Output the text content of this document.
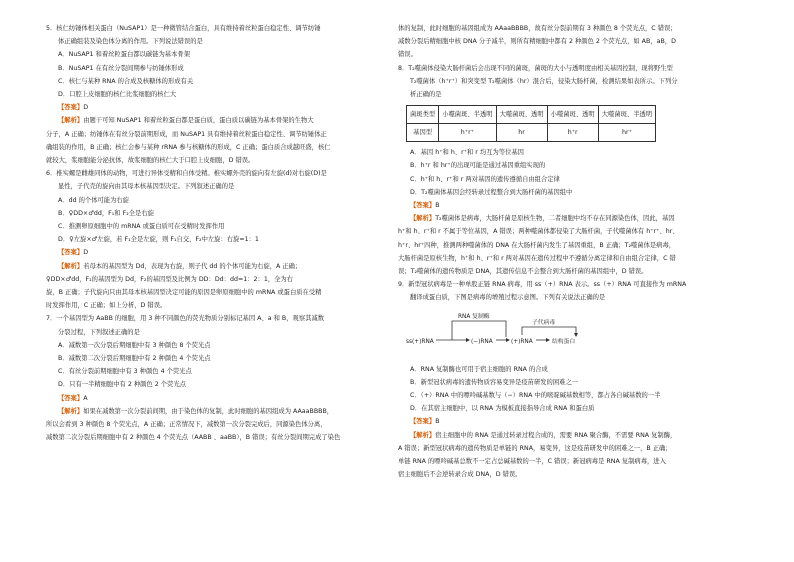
5．核仁纺锤体相关蛋白（NuSAP1）是一种微管结合蛋白，具有维持着丝粒蛋白稳定性、调节纺锤

体正确组装及染色体分离的作用。下列说法错误的是

A．NuSAP1 和着丝粒蛋白都以碳链为基本骨架

B．NuSAP1 在有丝分裂间期参与纺锤体形成

C．核仁与某种 RNA 的合成及核糖体的形成有关

D．口腔上皮细胞的核仁比浆细胞的核仁大

【答案】D

【解析】由题干可知 NuSAP1 和着丝粒蛋白都是蛋白质，蛋白质以碳链为基本骨架的生物大

分子，A 正确；纺锤体在有丝分裂前期形成，而 NuSAP1 具有维持着丝粒蛋白稳定性、调节纺锤体正

确组装的作用，B 正确；核仁会参与某种 rRNA 参与核糖体的形成，C 正确；蛋白质合成越旺盛，核仁

就较大，浆细胞能分泌抗体，故浆细胞的核仁大于口腔上皮细胞，D 错误。

6．椎实螺是雌雄同体的动物，可进行异体受精和自体受精。椎实螺外壳的旋向有左旋(d)对右旋(D)是

显性，子代壳的旋向由其母本核基因型决定。下列叙述正确的是

A．dd 的个体可能为右旋

B．♀DD×♂dd，F₁和 F₂全是右旋

C．推测卵原细胞中的 mRNA 或蛋白质可在受精时发挥作用

D．♀左旋×♂左旋，若 F₁全是左旋，则 F₁自交，F₂中左旋：右旋=1：1

【答案】D

【解析】若母本的基因型为 Dd，表现为右旋，则子代 dd 的个体可能为右旋，A 正确；

♀DD×♂dd，F₁的基因型为 Dd，F₂的基因型及比例为 DD：Dd：dd=1：2：1，全为右

旋，B 正确；子代旋向只由其母本核基因型决定可能的原因是卵原细胞中的 mRNA 或蛋白质在受精

时发挥作用，C 正确；如上分析，D 错误。

7．一个基因型为 AaBB 的细胞，用 3 种不同颜色的荧光物质分别标记基因 A、a 和 B，观察其减数

分裂过程，下列叙述正确的是

A．减数第一次分裂后期细胞中有 3 种颜色 8 个荧光点

B．减数第二次分裂后期细胞中有 2 种颜色 4 个荧光点

C．有丝分裂前期细胞中有 3 种颜色 4 个荧光点

D．只有一半精细胞中有 2 种颜色 2 个荧光点

【答案】A

【解析】如果在减数第一次分裂前间期，由于染色体的复制，此时细胞的基因组成为 AAaaBBBB，

所以会看到 3 种颜色 8 个荧光点，A 正确；正常情况下，减数第一次分裂完成后，同源染色体分离，

减数第二次分裂后期细胞中有 2 种颜色 4 个荧光点（AABB 、aaBB），B 错误；有丝分裂间期完成了染色

体的复制，此时细胞的基因组成为 AAaaBBBB，故有丝分裂前期有 3 种颜色 8 个荧光点，C 错误；

减数分裂后精细胞中核 DNA 分子减半，则所有精细胞中都有 2 种颜色 2 个荧光点，如 AB，aB，D

错误。

8．T₂噬菌体侵染大肠杆菌后会出现不同的菌斑，菌斑的大小与透明度由相关基因控制，现将野生型

T₂噬菌体（h⁺r⁺）和突变型 T₂噬菌体（hr）混合后，侵染大肠杆菌，检测结果如表所示。下列分

析正确的是

菌斑类型	小噬菌斑、半透明	大噬菌斑、透明	小噬菌斑、透明	大噬菌斑、半透明
基因型	h⁺r⁺	hr	h⁺r	hr⁺

A．基因 h⁺和 h、r⁺和 r 均互为等位基因

B．h⁺r 和 hr⁺的出现可能是通过基因重组实现的

C．h⁺和 h、r⁺和 r 两对基因的遗传遵循自由组合定律

D．T₂噬菌体基因会经转录过程整合到大肠杆菌的基因组中

【答案】B

【解析】T₂噬菌体是病毒，大肠杆菌是原核生物，二者细胞中均不存在同源染色体，因此，基因

h⁺和 h、r⁺和 r 不属于等位基因，A 错误；两种噬菌体都侵染了大肠杆菌，子代噬菌体有 h⁺r⁺、hr、

h⁺r、hr⁺四种，推测两种噬菌体的 DNA 在大肠杆菌内发生了基因重组，B 正确；T₂噬菌体是病毒，

大肠杆菌是原核生物，h⁺和 h、r⁺和 r 两对基因在遗传过程中不遵循分离定律和自由组合定律，C 错

误；T₂噬菌体的遗传物质是 DNA，其遗传信息不会整合到大肠杆菌的基因组中，D 错误。

9．新型冠状病毒是一种单股正链 RNA 病毒，用 ss（+）RNA 表示。ss（+）RNA 可直接作为 mRNA

翻译成蛋白质，下图是病毒的增殖过程示意图。下列有关说法正确的是

RNA 复制酶
子代病毒
ss(+)RNA	(−)RNA	(+)RNA	结构蛋白

A．RNA 复制酶也可用于宿主细胞的 RNA 的合成

B．新型冠状病毒的遗传物质容易变异是疫苗研发的困难之一

C．（+）RNA 中的嘌呤碱基数与（−）RNA 中的嘧啶碱基数相等，都占各自碱基数的一半

D．在其宿主细胞中，以 RNA 为模板直接指导合成 RNA 和蛋白质

【答案】B

【解析】宿主细胞中的 RNA 是通过转录过程合成的，需要 RNA 聚合酶，不需要 RNA 复制酶，

A 错误；新型冠状病毒的遗传物质是单链的 RNA，易变异，这是疫苗研发中的困难之一，B 正确；

单链 RNA 的嘌呤碱基总数不一定占总碱基数的一半，C 错误；新冠病毒是 RNA 复制病毒，进入

宿主细胞后不会逆转录合成 DNA，D 错误。
